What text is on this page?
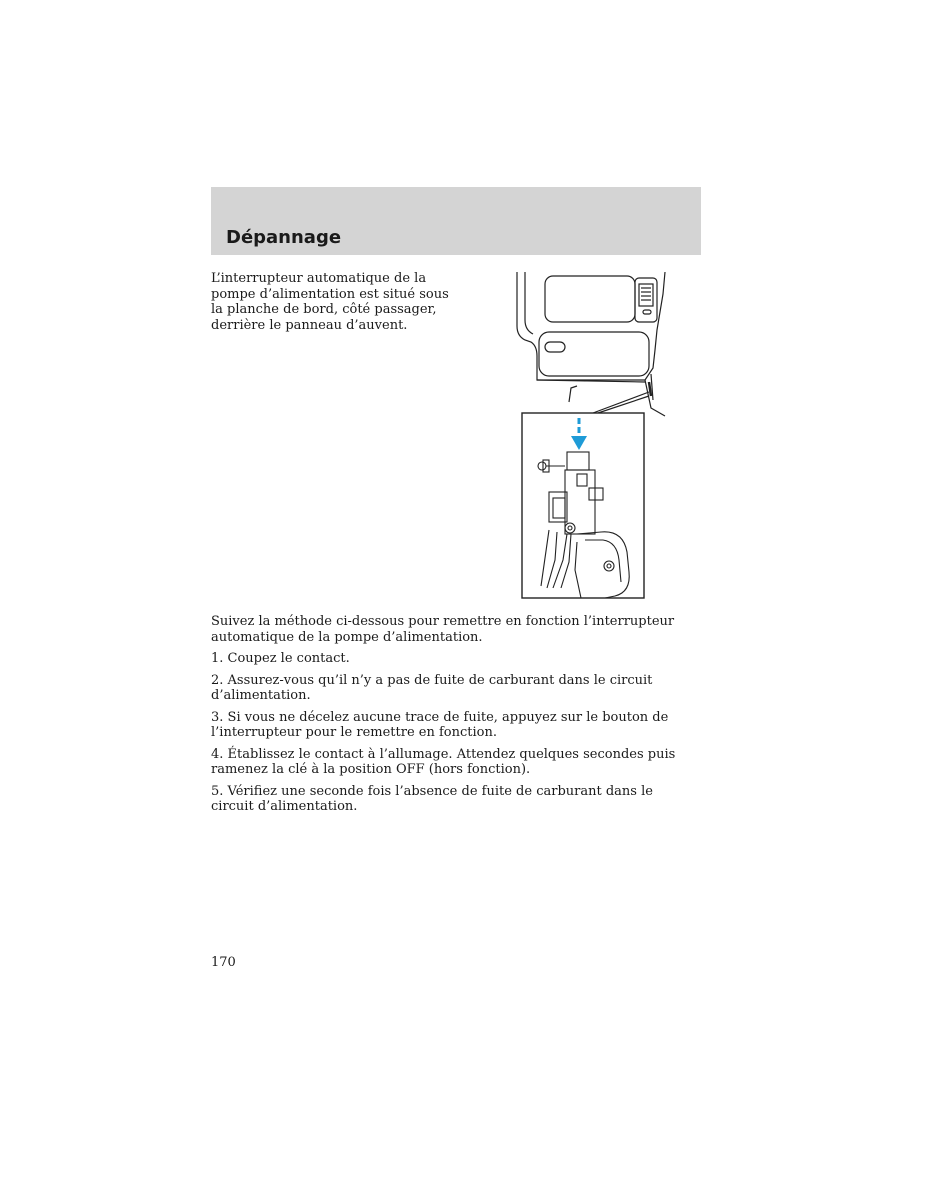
Dépannage

L’interrupteur automatique de la
pompe d’alimentation est situé sous
la planche de bord, côté passager,
derrière le panneau d’auvent.

Suivez la méthode ci-dessous pour remettre en fonction l’interrupteur automatique de la pompe d’alimentation.

1. Coupez le contact.

2. Assurez-vous qu’il n’y a pas de fuite de carburant dans le circuit d’alimentation.

3. Si vous ne décelez aucune trace de fuite, appuyez sur le bouton de l’interrupteur pour le remettre en fonction.

4. Établissez le contact à l’allumage. Attendez quelques secondes puis ramenez la clé à la position OFF (hors fonction).

5. Vérifiez une seconde fois l’absence de fuite de carburant dans le circuit d’alimentation.

170
